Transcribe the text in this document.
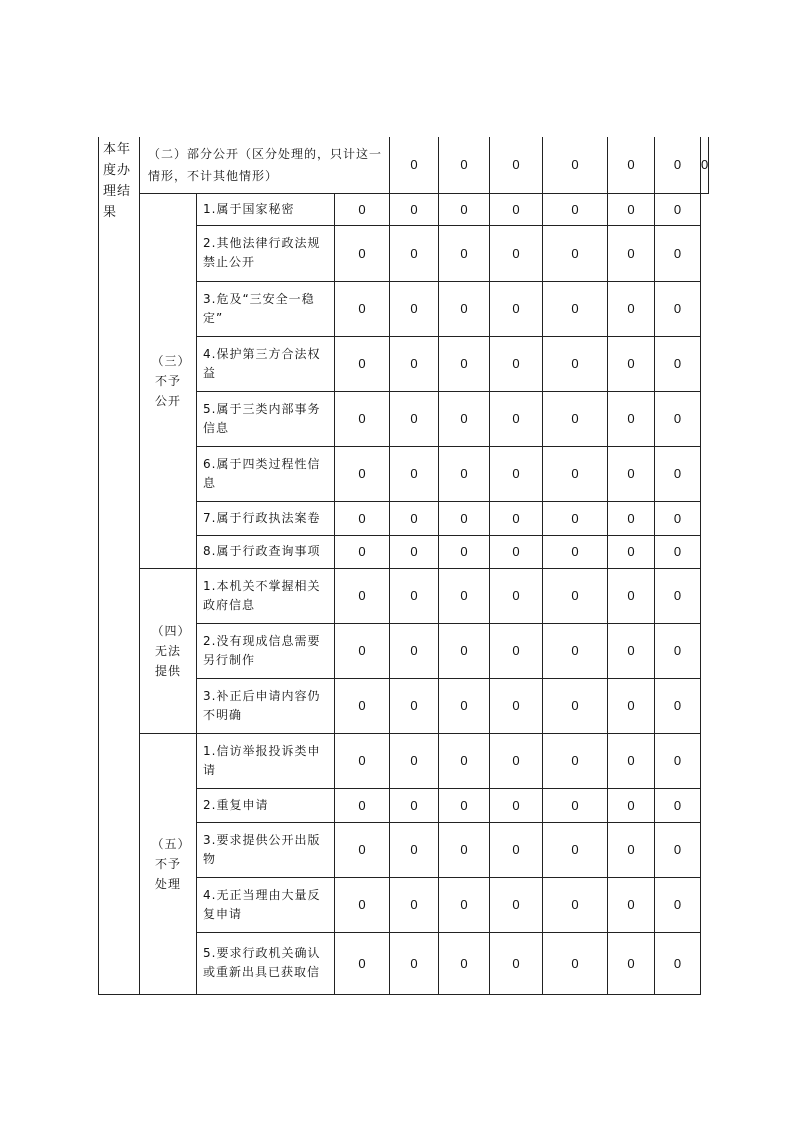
本年度办理结果	（二）部分公开（区分处理的，只计这一情形，不计其他情形）			0	0	0	0	0	0	0
	（三）不予公开	1.属于国家秘密	0	0	0	0	0	0	0	
		2.其他法律行政法规禁止公开	0	0	0	0	0	0	0	
		3.危及“三安全一稳定”	0	0	0	0	0	0	0	
		4.保护第三方合法权益	0	0	0	0	0	0	0	
		5.属于三类内部事务信息	0	0	0	0	0	0	0	
		6.属于四类过程性信息	0	0	0	0	0	0	0	
		7.属于行政执法案卷	0	0	0	0	0	0	0	
		8.属于行政查询事项	0	0	0	0	0	0	0	
	（四）无法提供	1.本机关不掌握相关政府信息	0	0	0	0	0	0	0	
		2.没有现成信息需要另行制作	0	0	0	0	0	0	0	
		3.补正后申请内容仍不明确	0	0	0	0	0	0	0	
	（五）不予处理	1.信访举报投诉类申请	0	0	0	0	0	0	0	
		2.重复申请	0	0	0	0	0	0	0	
		3.要求提供公开出版物	0	0	0	0	0	0	0	
		4.无正当理由大量反复申请	0	0	0	0	0	0	0	
		5.要求行政机关确认或重新出具已获取信	0	0	0	0	0	0	0	
